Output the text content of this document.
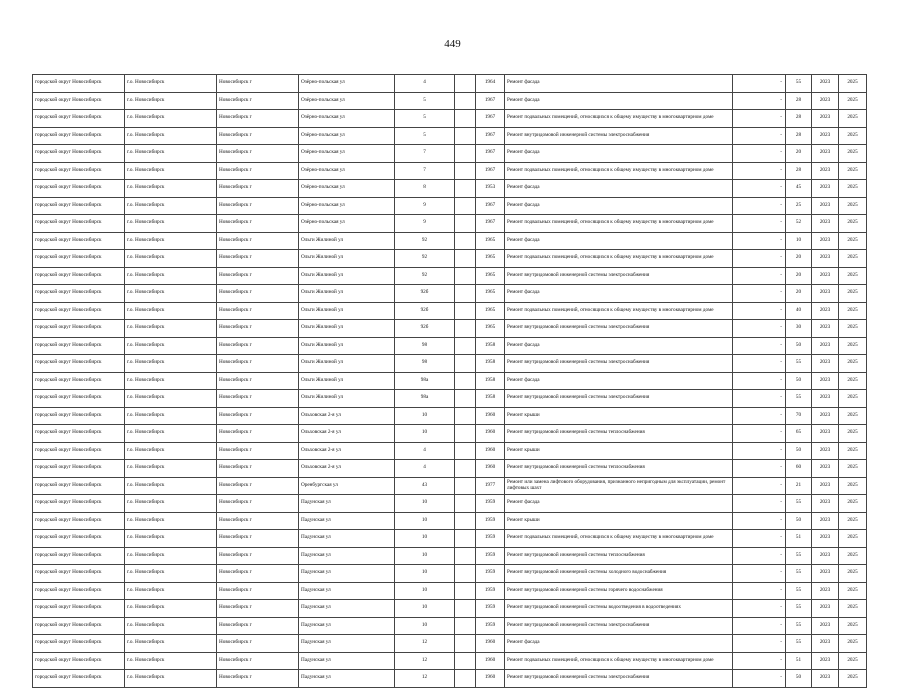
449
городской округ Новосибирск	г.о. Новосибирск	Новосибирск г	Озёрно-польская ул	4		1964	Ремонт фасада	-	55	2023	2025
городской округ Новосибирск	г.о. Новосибирск	Новосибирск г	Озёрно-польская ул	5		1967	Ремонт фасада	-	28	2023	2025
городской округ Новосибирск	г.о. Новосибирск	Новосибирск г	Озёрно-польская ул	5		1967	Ремонт подвальных помещений, относящихся к общему имуществу в многоквартирном доме	-	28	2023	2025
городской округ Новосибирск	г.о. Новосибирск	Новосибирск г	Озёрно-польская ул	5		1967	Ремонт внутридомовой инженерной системы электроснабжения	-	28	2023	2025
городской округ Новосибирск	г.о. Новосибирск	Новосибирск г	Озёрно-польская ул	7		1967	Ремонт фасада	-	20	2023	2025
городской округ Новосибирск	г.о. Новосибирск	Новосибирск г	Озёрно-польская ул	7		1967	Ремонт подвальных помещений, относящихся к общему имуществу в многоквартирном доме	-	28	2023	2025
городской округ Новосибирск	г.о. Новосибирск	Новосибирск г	Озёрно-польская ул	8		1953	Ремонт фасада	-	45	2023	2025
городской округ Новосибирск	г.о. Новосибирск	Новосибирск г	Озёрно-польская ул	9		1967	Ремонт фасада	-	25	2023	2025
городской округ Новосибирск	г.о. Новосибирск	Новосибирск г	Озёрно-польская ул	9		1967	Ремонт подвальных помещений, относящихся к общему имуществу в многоквартирном доме	-	52	2023	2025
городской округ Новосибирск	г.о. Новосибирск	Новосибирск г	Ольги Жилиной ул	92		1965	Ремонт фасада	-	10	2023	2025
городской округ Новосибирск	г.о. Новосибирск	Новосибирск г	Ольги Жилиной ул	92		1965	Ремонт подвальных помещений, относящихся к общему имуществу в многоквартирном доме	-	20	2023	2025
городской округ Новосибирск	г.о. Новосибирск	Новосибирск г	Ольги Жилиной ул	92		1965	Ремонт внутридомовой инженерной системы электроснабжения	-	20	2023	2025
городской округ Новосибирск	г.о. Новосибирск	Новосибирск г	Ольги Жилиной ул	92б		1965	Ремонт фасада	-	20	2023	2025
городской округ Новосибирск	г.о. Новосибирск	Новосибирск г	Ольги Жилиной ул	92б		1965	Ремонт подвальных помещений, относящихся к общему имуществу в многоквартирном доме	-	40	2023	2025
городской округ Новосибирск	г.о. Новосибирск	Новосибирск г	Ольги Жилиной ул	92б		1965	Ремонт внутридомовой инженерной системы электроснабжения	-	30	2023	2025
городской округ Новосибирск	г.о. Новосибирск	Новосибирск г	Ольги Жилиной ул	98		1958	Ремонт фасада	-	50	2023	2025
городской округ Новосибирск	г.о. Новосибирск	Новосибирск г	Ольги Жилиной ул	98		1958	Ремонт внутридомовой инженерной системы электроснабжения	-	55	2023	2025
городской округ Новосибирск	г.о. Новосибирск	Новосибирск г	Ольги Жилиной ул	98а		1958	Ремонт фасада	-	50	2023	2025
городской округ Новосибирск	г.о. Новосибирск	Новосибирск г	Ольги Жилиной ул	98а		1958	Ремонт внутридомовой инженерной системы электроснабжения	-	55	2023	2025
городской округ Новосибирск	г.о. Новосибирск	Новосибирск г	Ольховская 2-я ул	10		1960	Ремонт крыши	-	70	2023	2025
городской округ Новосибирск	г.о. Новосибирск	Новосибирск г	Ольховская 2-я ул	10		1960	Ремонт внутридомовой инженерной системы теплоснабжения	-	65	2023	2025
городской округ Новосибирск	г.о. Новосибирск	Новосибирск г	Ольховская 2-я ул	4		1960	Ремонт крыши	-	50	2023	2025
городской округ Новосибирск	г.о. Новосибирск	Новосибирск г	Ольховская 2-я ул	4		1960	Ремонт внутридомовой инженерной системы теплоснабжения	-	60	2023	2025
городской округ Новосибирск	г.о. Новосибирск	Новосибирск г	Оренбургская ул	43		1977	Ремонт или замена лифтового оборудования, признанного непригодным для эксплуатации, ремонт лифтовых шахт	-	21	2023	2025
городской округ Новосибирск	г.о. Новосибирск	Новосибирск г	Падунская ул	10		1959	Ремонт фасада	-	55	2023	2025
городской округ Новосибирск	г.о. Новосибирск	Новосибирск г	Падунская ул	10		1959	Ремонт крыши	-	50	2023	2025
городской округ Новосибирск	г.о. Новосибирск	Новосибирск г	Падунская ул	10		1959	Ремонт подвальных помещений, относящихся к общему имуществу в многоквартирном доме	-	51	2023	2025
городской округ Новосибирск	г.о. Новосибирск	Новосибирск г	Падунская ул	10		1959	Ремонт внутридомовой инженерной системы теплоснабжения	-	55	2023	2025
городской округ Новосибирск	г.о. Новосибирск	Новосибирск г	Падунская ул	10		1959	Ремонт внутридомовой инженерной системы холодного водоснабжения	-	55	2023	2025
городской округ Новосибирск	г.о. Новосибирск	Новосибирск г	Падунская ул	10		1959	Ремонт внутридомовой инженерной системы горячего водоснабжения	-	55	2023	2025
городской округ Новосибирск	г.о. Новосибирск	Новосибирск г	Падунская ул	10		1959	Ремонт внутридомовой инженерной системы водоотведения в водоотведениях	-	55	2023	2025
городской округ Новосибирск	г.о. Новосибирск	Новосибирск г	Падунская ул	10		1959	Ремонт внутридомовой инженерной системы электроснабжения	-	55	2023	2025
городской округ Новосибирск	г.о. Новосибирск	Новосибирск г	Падунская ул	12		1960	Ремонт фасада	-	55	2023	2025
городской округ Новосибирск	г.о. Новосибирск	Новосибирск г	Падунская ул	12		1960	Ремонт подвальных помещений, относящихся к общему имуществу в многоквартирном доме	-	51	2023	2025
городской округ Новосибирск	г.о. Новосибирск	Новосибирск г	Падунская ул	12		1960	Ремонт внутридомовой инженерной системы электроснабжения	-	50	2023	2025
